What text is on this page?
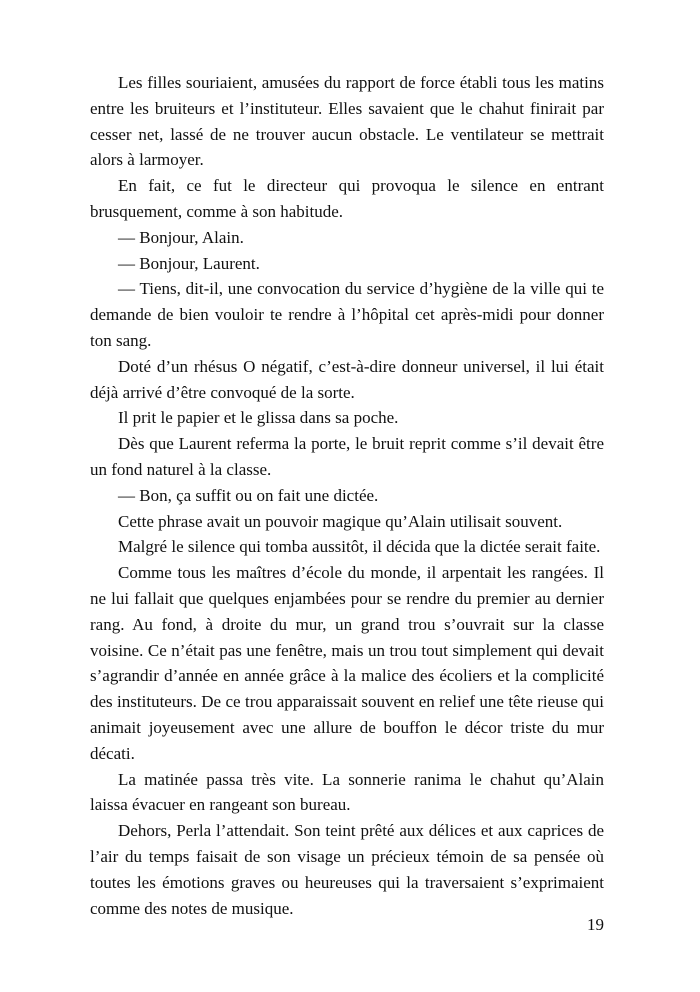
Les filles souriaient, amusées du rapport de force établi tous les matins entre les bruiteurs et l’instituteur. Elles savaient que le chahut finirait par cesser net, lassé de ne trouver aucun obstacle. Le ventilateur se mettrait alors à larmoyer.

En fait, ce fut le directeur qui provoqua le silence en entrant brusquement, comme à son habitude.

— Bonjour, Alain.

— Bonjour, Laurent.

— Tiens, dit-il, une convocation du service d’hygiène de la ville qui te demande de bien vouloir te rendre à l’hôpital cet après-midi pour donner ton sang.

Doté d’un rhésus O négatif, c’est-à-dire donneur universel, il lui était déjà arrivé d’être convoqué de la sorte.

Il prit le papier et le glissa dans sa poche.

Dès que Laurent referma la porte, le bruit reprit comme s’il devait être un fond naturel à la classe.

— Bon, ça suffit ou on fait une dictée.

Cette phrase avait un pouvoir magique qu’Alain utilisait souvent.

Malgré le silence qui tomba aussitôt, il décida que la dictée serait faite.

Comme tous les maîtres d’école du monde, il arpentait les rangées. Il ne lui fallait que quelques enjambées pour se rendre du premier au dernier rang. Au fond, à droite du mur, un grand trou s’ouvrait sur la classe voisine. Ce n’était pas une fenêtre, mais un trou tout simplement qui devait s’agrandir d’année en année grâce à la malice des écoliers et la complicité des instituteurs. De ce trou apparaissait souvent en relief une tête rieuse qui animait joyeusement avec une allure de bouffon le décor triste du mur décati.

La matinée passa très vite. La sonnerie ranima le chahut qu’Alain laissa évacuer en rangeant son bureau.

Dehors, Perla l’attendait. Son teint prêté aux délices et aux caprices de l’air du temps faisait de son visage un précieux témoin de sa pensée où toutes les émotions graves ou heureuses qui la traversaient s’exprimaient comme des notes de musique.

19
